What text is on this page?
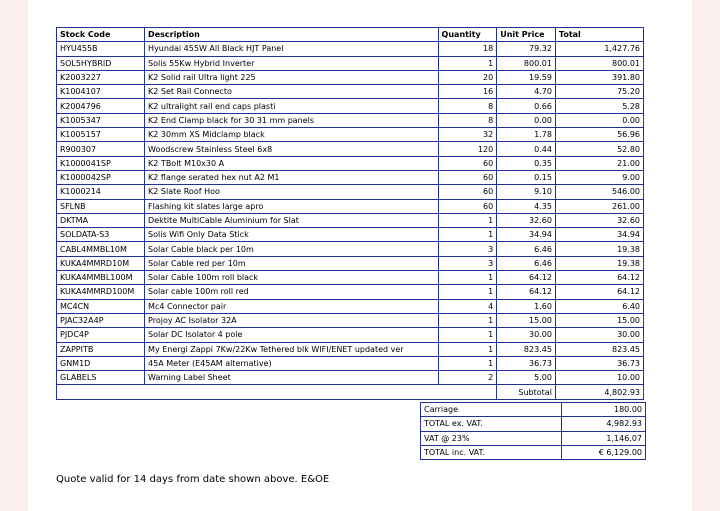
Stock Code	Description	Quantity	Unit Price	Total
HYU455B	Hyundai 455W All Black HJT Panel	18	79.32	1,427.76
SOL5HYBRID	Solis 55Kw Hybrid Inverter	1	800.01	800.01
K2003227	K2 Solid rail Ultra light 225	20	19.59	391.80
K1004107	K2 Set Rail Connecto	16	4.70	75.20
K2004796	K2 ultralight rail end caps plasti	8	0.66	5.28
K1005347	K2 End Clamp black for 30 31 mm panels	8	0.00	0.00
K1005157	K2 30mm XS Midclamp black	32	1.78	56.96
R900307	Woodscrew Stainless Steel 6x8	120	0.44	52.80
K1000041SP	K2 TBolt M10x30 A	60	0.35	21.00
K1000042SP	K2 flange serated hex nut A2 M1	60	0.15	9.00
K1000214	K2 Slate Roof Hoo	60	9.10	546.00
SFLNB	Flashing kit slates large apro	60	4.35	261.00
DKTMA	Dektite MultiCable Aluminium for Slat	1	32.60	32.60
SOLDATA-S3	Solis Wifi Only Data Stick	1	34.94	34.94
CABL4MMBL10M	Solar Cable black per 10m	3	6.46	19.38
KUKA4MMRD10M	Solar Cable red per 10m	3	6.46	19.38
KUKA4MMBL100M	Solar Cable 100m roll black	1	64.12	64.12
KUKA4MMRD100M	Solar cable 100m roll red	1	64.12	64.12
MC4CN	Mc4 Connector pair	4	1.60	6.40
PJAC32A4P	Projoy AC Isolator 32A	1	15.00	15.00
PJDC4P	Solar DC Isolator 4 pole	1	30.00	30.00
ZAPPITB	My Energi Zappi 7Kw/22Kw Tethered blk WIFI/ENET updated ver	1	823.45	823.45
GNM1D	45A Meter (E45AM alternative)	1	36.73	36.73
GLABELS	Warning Label Sheet	2	5.00	10.00
			Subtotal	4,802.93
Carriage	180.00
TOTAL ex. VAT.	4,982.93
VAT @ 23%	1,146.07
TOTAL inc. VAT.	€ 6,129.00
Quote valid for 14 days from date shown above. E&OE
